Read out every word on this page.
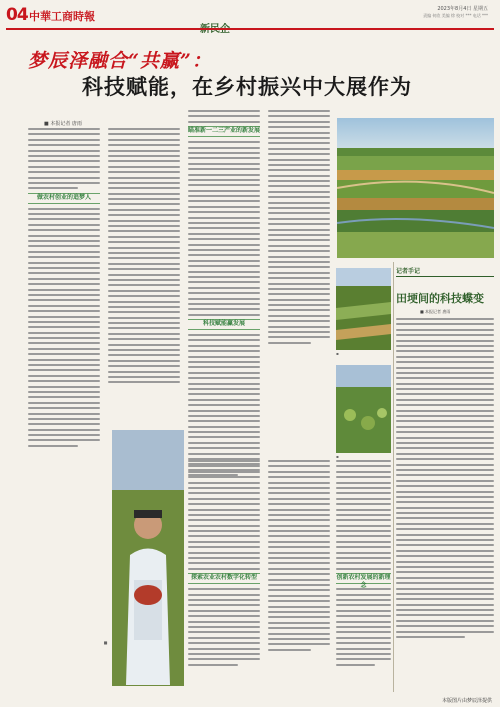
04 中華工商時報
2023年8月4日 星期五
责编 何欣 美编 徐 校对 *** 电话 ***
梦辰泽融合“共赢”：
科技赋能，在乡村振兴中大展作为
■ 本报记者 唐雨
记者手记
田埂间的科技蝶变
■ 本报记者 唐雨
做农村创业的追梦人
■
瞄准新一二三产业的新发展
科技赋能赢发展
▪
▪
探索农业农村数字化转型	创新农村发展的新理念
本版图片由梦辰泽提供
